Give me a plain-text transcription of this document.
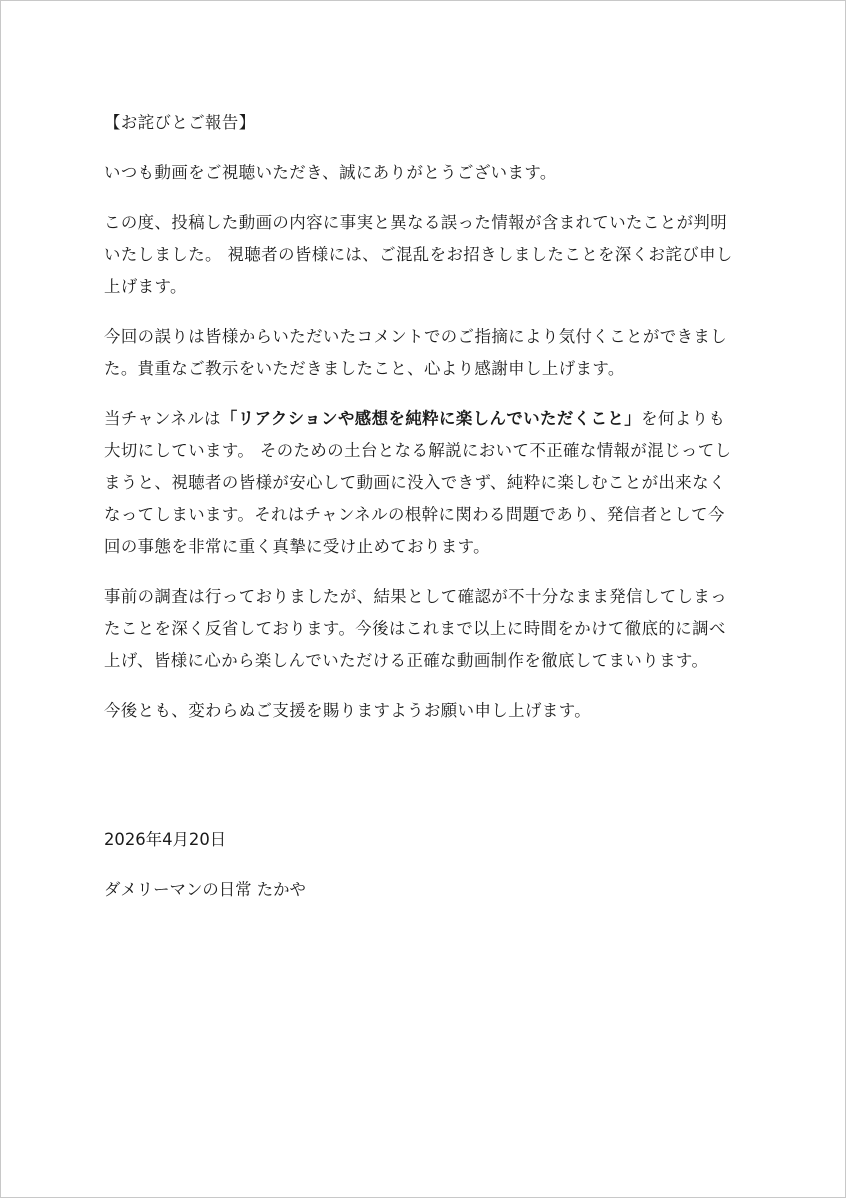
【お詫びとご報告】

いつも動画をご視聴いただき、誠にありがとうございます。

この度、投稿した動画の内容に事実と異なる誤った情報が含まれていたことが判明

いたしました。 視聴者の皆様には、ご混乱をお招きしましたことを深くお詫び申し

上げます。

今回の誤りは皆様からいただいたコメントでのご指摘により気付くことができまし

た。貴重なご教示をいただきましたこと、心より感謝申し上げます。

当チャンネルは「リアクションや感想を純粋に楽しんでいただくこと」を何よりも

大切にしています。 そのための土台となる解説において不正確な情報が混じってし

まうと、視聴者の皆様が安心して動画に没入できず、純粋に楽しむことが出来なく

なってしまいます。それはチャンネルの根幹に関わる問題であり、発信者として今

回の事態を非常に重く真摯に受け止めております。

事前の調査は行っておりましたが、結果として確認が不十分なまま発信してしまっ

たことを深く反省しております。今後はこれまで以上に時間をかけて徹底的に調べ

上げ、皆様に心から楽しんでいただける正確な動画制作を徹底してまいります。

今後とも、変わらぬご支援を賜りますようお願い申し上げます。

2026年4月20日
ダメリーマンの日常 たかや
